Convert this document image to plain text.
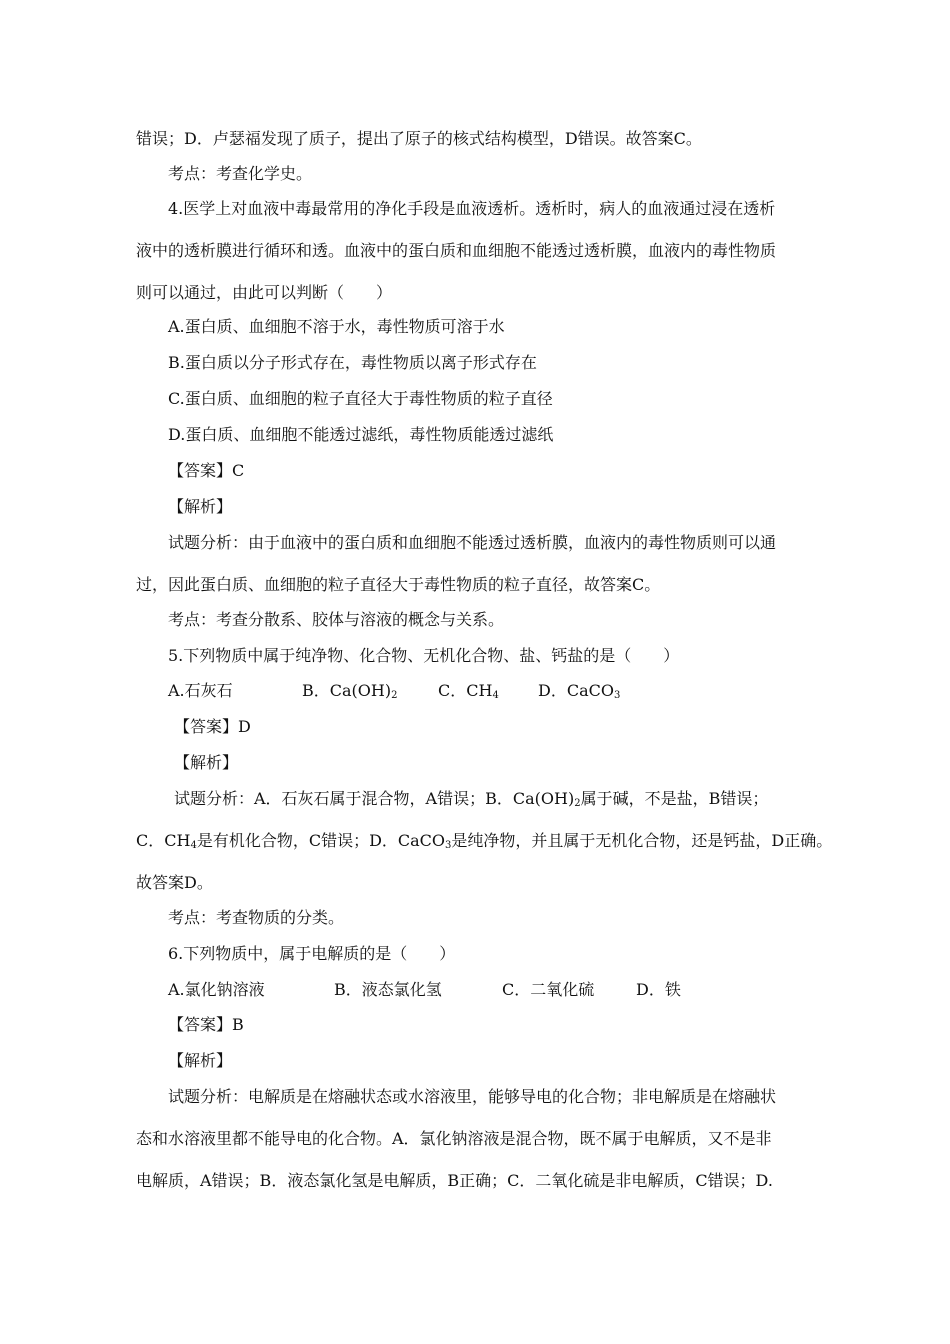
错误；D．卢瑟福发现了质子，提出了原子的核式结构模型，D错误。故答案C。
考点：考查化学史。
4.医学上对血液中毒最常用的净化手段是血液透析。透析时，病人的血液通过浸在透析
液中的透析膜进行循环和透。血液中的蛋白质和血细胞不能透过透析膜，血液内的毒性物质
则可以通过，由此可以判断（　　）
A.蛋白质、血细胞不溶于水，毒性物质可溶于水
B.蛋白质以分子形式存在，毒性物质以离子形式存在
C.蛋白质、血细胞的粒子直径大于毒性物质的粒子直径
D.蛋白质、血细胞不能透过滤纸，毒性物质能透过滤纸
【答案】C
【解析】
试题分析：由于血液中的蛋白质和血细胞不能透过透析膜，血液内的毒性物质则可以通
过，因此蛋白质、血细胞的粒子直径大于毒性物质的粒子直径，故答案C。
考点：考查分散系、胶体与溶液的概念与关系。
5.下列物质中属于纯净物、化合物、无机化合物、盐、钙盐的是（　　）
A.石灰石	B．$Ca(OH)_2$	C．$CH_4$ D．CaCO$_3$
【答案】D
【解析】
试题分析：A．石灰石属于混合物，A错误；B．$Ca(OH)_2$属于碱，不是盐，B错误；
C．$CH_4$是有机化合物，C错误；D．CaCO$_3$是纯净物，并且属于无机化合物，还是钙盐，D正确。
故答案D。
考点：考查物质的分类。
6.下列物质中，属于电解质的是（　　）
A.氯化钠溶液	B．液态氯化氢	C．二氧化硫	D．铁
【答案】B
【解析】
试题分析：电解质是在熔融状态或水溶液里，能够导电的化合物；非电解质是在熔融状
态和水溶液里都不能导电的化合物。A．氯化钠溶液是混合物，既不属于电解质，又不是非
电解质，A错误；B．液态氯化氢是电解质，B正确；C．二氧化硫是非电解质，C错误；D.
